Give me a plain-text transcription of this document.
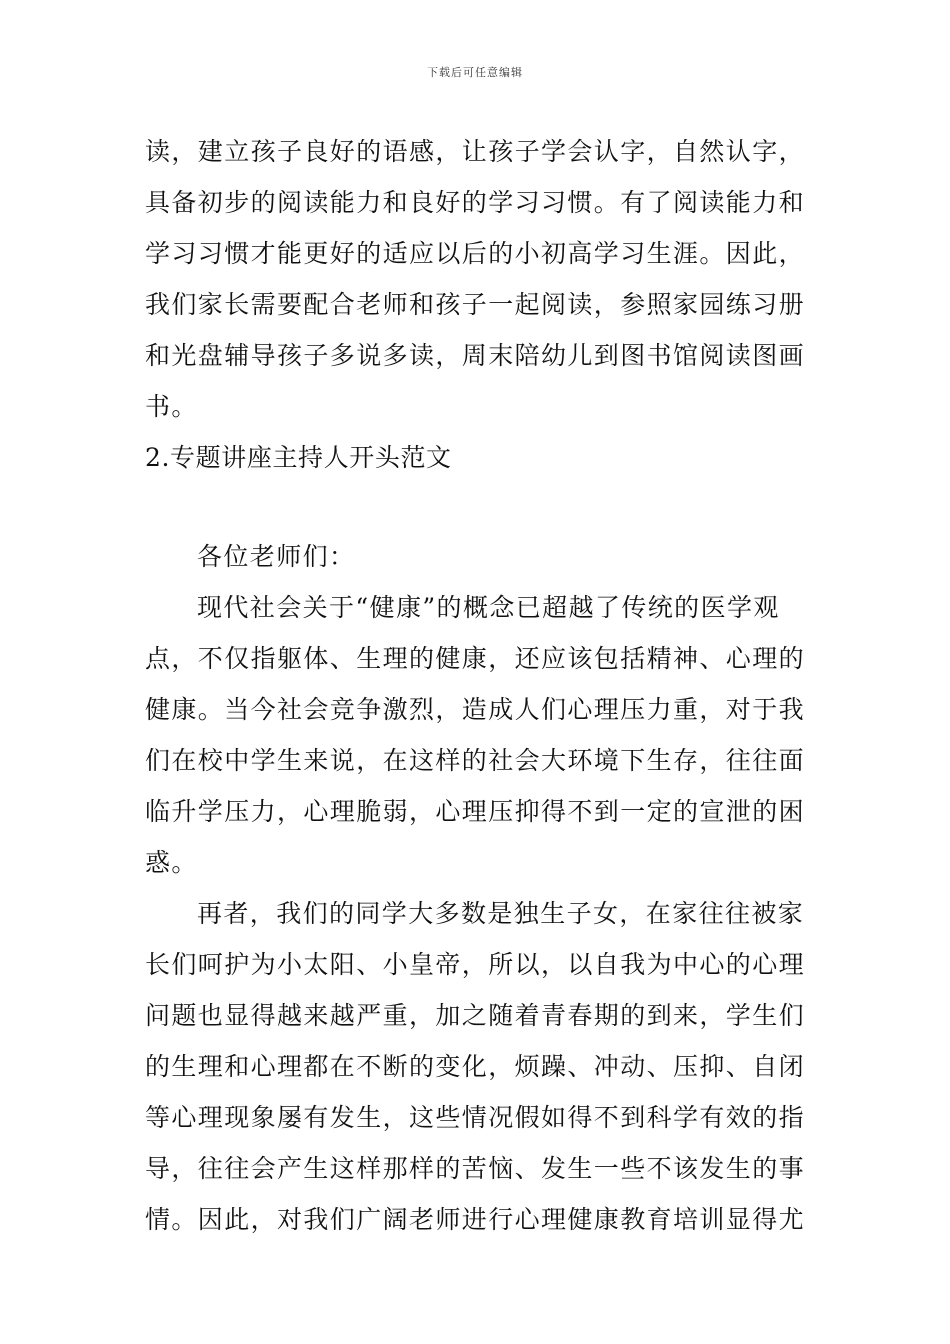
下载后可任意编辑
读，建立孩子良好的语感，让孩子学会认字，自然认字，
具备初步的阅读能力和良好的学习习惯。有了阅读能力和
学习习惯才能更好的适应以后的小初高学习生涯。因此，
我们家长需要配合老师和孩子一起阅读，参照家园练习册
和光盘辅导孩子多说多读，周末陪幼儿到图书馆阅读图画
书。
2.专题讲座主持人开头范文
各位老师们：
现代社会关于“健康”的概念已超越了传统的医学观
点，不仅指躯体、生理的健康，还应该包括精神、心理的
健康。当今社会竞争激烈，造成人们心理压力重，对于我
们在校中学生来说，在这样的社会大环境下生存，往往面
临升学压力，心理脆弱，心理压抑得不到一定的宣泄的困
惑。
再者，我们的同学大多数是独生子女，在家往往被家
长们呵护为小太阳、小皇帝，所以，以自我为中心的心理
问题也显得越来越严重，加之随着青春期的到来，学生们
的生理和心理都在不断的变化，烦躁、冲动、压抑、自闭
等心理现象屡有发生，这些情况假如得不到科学有效的指
导，往往会产生这样那样的苦恼、发生一些不该发生的事
情。因此，对我们广阔老师进行心理健康教育培训显得尤
